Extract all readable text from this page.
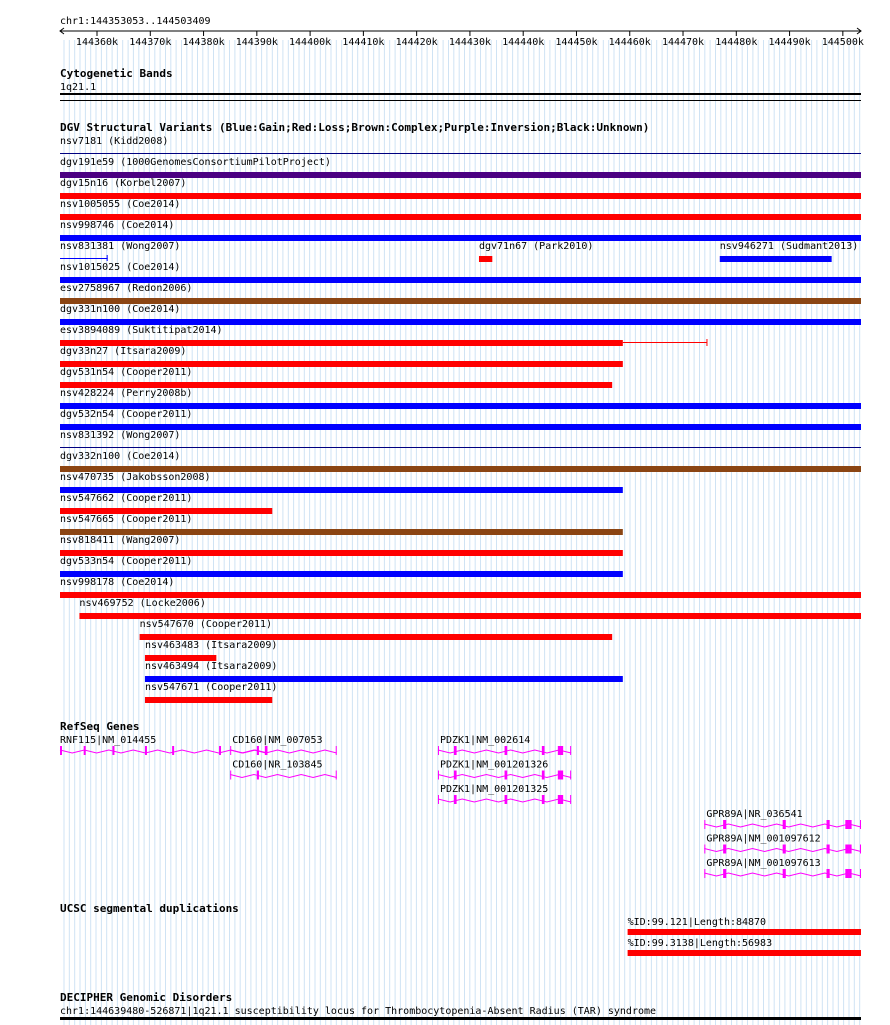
chr1:144353053..144503409
144360k 144370k 144380k 144390k 144400k 144410k 144420k 144430k 144440k 144450k 144460k 144470k 144480k 144490k 144500k
Cytogenetic Bands
1q21.1
DGV Structural Variants (Blue:Gain;Red:Loss;Brown:Complex;Purple:Inversion;Black:Unknown)
nsv7181 (Kidd2008)
dgv191e59 (1000GenomesConsortiumPilotProject)
dgv15n16 (Korbel2007)
nsv1005055 (Coe2014)
nsv998746 (Coe2014)
nsv831381 (Wong2007)	dgv71n67 (Park2010)	nsv946271 (Sudmant2013)
nsv1015025 (Coe2014)
esv2758967 (Redon2006)
dgv331n100 (Coe2014)
esv3894089 (Suktitipat2014)
dgv33n27 (Itsara2009)
dgv531n54 (Cooper2011)
nsv428224 (Perry2008b)
dgv532n54 (Cooper2011)
nsv831392 (Wong2007)
dgv332n100 (Coe2014)
nsv470735 (Jakobsson2008)
nsv547662 (Cooper2011)
nsv547665 (Cooper2011)
nsv818411 (Wang2007)
dgv533n54 (Cooper2011)
nsv998178 (Coe2014)
nsv469752 (Locke2006)
nsv547670 (Cooper2011)
nsv463483 (Itsara2009)
nsv463494 (Itsara2009)
nsv547671 (Cooper2011)
RefSeq Genes
RNF115|NM_014455	CD160|NM_007053	PDZK1|NM_002614
CD160|NR_103845	PDZK1|NM_001201326
PDZK1|NM_001201325
GPR89A|NR_036541
GPR89A|NM_001097612
GPR89A|NM_001097613
UCSC segmental duplications
%ID:99.121|Length:84870
%ID:99.3138|Length:56983
DECIPHER Genomic Disorders
chr1:144639480-526871|1q21.1 susceptibility locus for Thrombocytopenia-Absent Radius (TAR) syndrome
